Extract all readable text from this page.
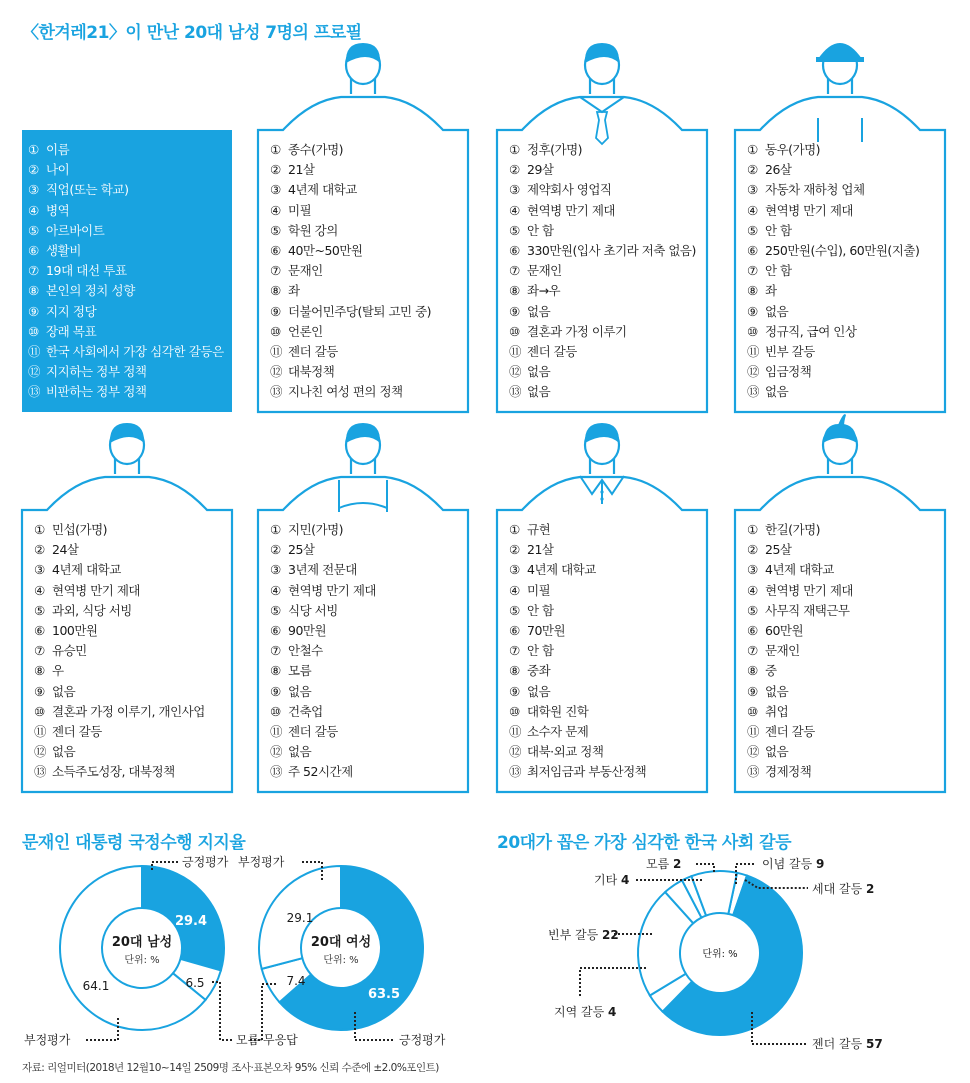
〈한겨레21〉이 만난 20대 남성 7명의 프로필
① 이름
② 나이
③ 직업(또는 학교)
④ 병역
⑤ 아르바이트
⑥ 생활비
⑦ 19대 대선 투표
⑧ 본인의 정치 성향
⑨ 지지 정당
⑩ 장래 목표
⑪ 한국 사회에서 가장 심각한 갈등은
⑫ 지지하는 정부 정책
⑬ 비판하는 정부 정책
① 종수(가명)
② 21살
③ 4년제 대학교
④ 미필
⑤ 학원 강의
⑥ 40만~50만원
⑦ 문재인
⑧ 좌
⑨ 더불어민주당(탈퇴 고민 중)
⑩ 언론인
⑪ 젠더 갈등
⑫ 대북정책
⑬ 지나친 여성 편의 정책
① 정후(가명)
② 29살
③ 제약회사 영업직
④ 현역병 만기 제대
⑤ 안 함
⑥ 330만원(입사 초기라 저축 없음)
⑦ 문재인
⑧ 좌→우
⑨ 없음
⑩ 결혼과 가정 이루기
⑪ 젠더 갈등
⑫ 없음
⑬ 없음
① 동우(가명)
② 26살
③ 자동차 재하청 업체
④ 현역병 만기 제대
⑤ 안 함
⑥ 250만원(수입), 60만원(지출)
⑦ 안 함
⑧ 좌
⑨ 없음
⑩ 정규직, 급여 인상
⑪ 빈부 갈등
⑫ 임금정책
⑬ 없음
① 민섭(가명)
② 24살
③ 4년제 대학교
④ 현역병 만기 제대
⑤ 과외, 식당 서빙
⑥ 100만원
⑦ 유승민
⑧ 우
⑨ 없음
⑩ 결혼과 가정 이루기, 개인사업
⑪ 젠더 갈등
⑫ 없음
⑬ 소득주도성장, 대북정책
① 지민(가명)
② 25살
③ 3년제 전문대
④ 현역병 만기 제대
⑤ 식당 서빙
⑥ 90만원
⑦ 안철수
⑧ 모름
⑨ 없음
⑩ 건축업
⑪ 젠더 갈등
⑫ 없음
⑬ 주 52시간제
① 규현
② 21살
③ 4년제 대학교
④ 미필
⑤ 안 함
⑥ 70만원
⑦ 안 함
⑧ 중좌
⑨ 없음
⑩ 대학원 진학
⑪ 소수자 문제
⑫ 대북·외교 정책
⑬ 최저임금과 부동산정책
① 한길(가명)
② 25살
③ 4년제 대학교
④ 현역병 만기 제대
⑤ 사무직 재택근무
⑥ 60만원
⑦ 문재인
⑧ 중
⑨ 없음
⑩ 취업
⑪ 젠더 갈등
⑫ 없음
⑬ 경제정책
문재인 대통령 국정수행 지지율	20대가 꼽은 가장 심각한 한국 사회 갈등
20대 남성
단위: %
29.4
6.5
64.1
긍정평가
모름·무응답
부정평가
20대 여성
단위: %
63.5
7.4
29.1
긍정평가
부정평가
단위: %
세대 갈등 2
이념 갈등 9
모름 2
기타 4
빈부 갈등 22
지역 갈등 4
젠더 갈등 57
자료: 리얼미터(2018년 12월10~14일 2509명 조사·표본오차 95% 신뢰 수준에 ±2.0%포인트)
